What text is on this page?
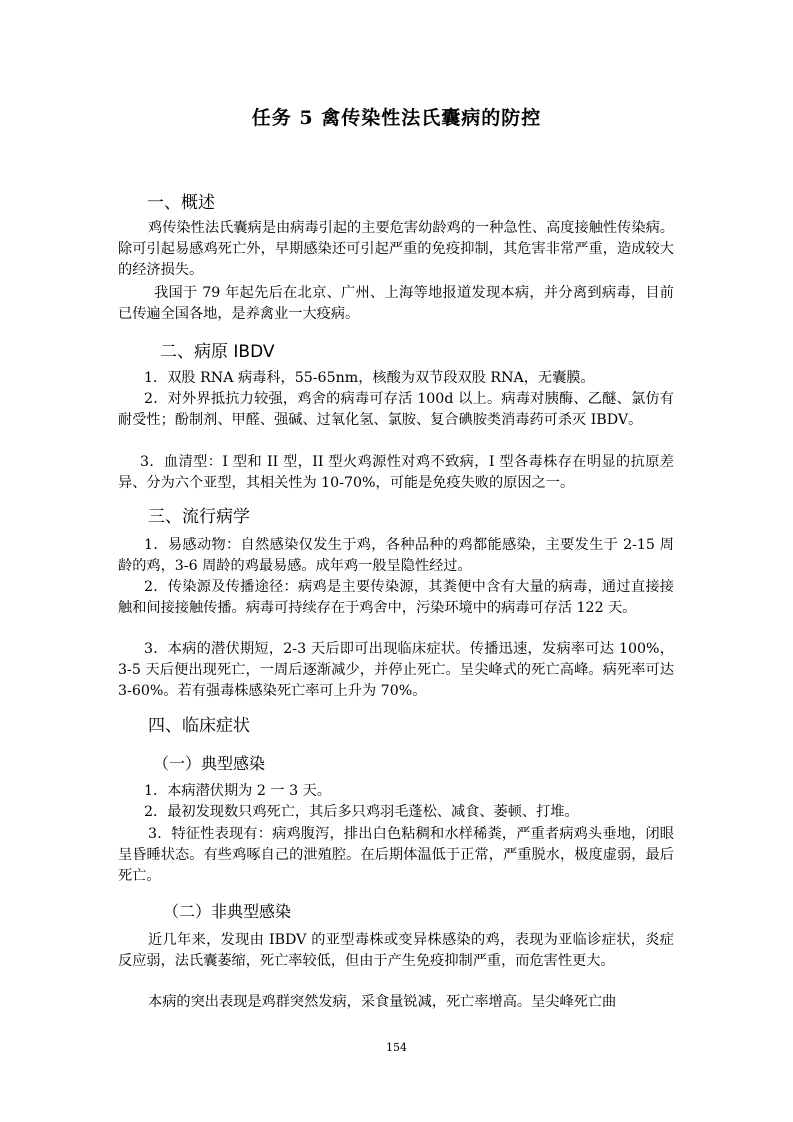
任务 5 禽传染性法氏囊病的防控
一、概述
鸡传染性法氏囊病是由病毒引起的主要危害幼龄鸡的一种急性、高度接触性传染病。除可引起易感鸡死亡外，早期感染还可引起严重的免疫抑制，其危害非常严重，造成较大的经济损失。
我国于 79 年起先后在北京、广州、上海等地报道发现本病，并分离到病毒，目前已传遍全国各地，是养禽业一大疫病。
二、病原 IBDV
1．双股 RNA 病毒科，55-65nm，核酸为双节段双股 RNA，无囊膜。
2．对外界抵抗力较强，鸡舍的病毒可存活 100d 以上。病毒对胰酶、乙醚、氯仿有耐受性；酚制剂、甲醛、强碱、过氧化氢、氯胺、复合碘胺类消毒药可杀灭 IBDV。
3．血清型：I 型和 II 型，II 型火鸡源性对鸡不致病，I 型各毒株存在明显的抗原差异、分为六个亚型，其相关性为 10-70%，可能是免疫失败的原因之一。
三、流行病学
1．易感动物：自然感染仅发生于鸡，各种品种的鸡都能感染，主要发生于 2-15 周龄的鸡，3-6 周龄的鸡最易感。成年鸡一般呈隐性经过。
2．传染源及传播途径：病鸡是主要传染源，其粪便中含有大量的病毒，通过直接接触和间接接触传播。病毒可持续存在于鸡舍中，污染环境中的病毒可存活 122 天。
3．本病的潜伏期短，2-3 天后即可出现临床症状。传播迅速，发病率可达 100%，3-5 天后便出现死亡，一周后逐渐减少，并停止死亡。呈尖峰式的死亡高峰。病死率可达 3-60%。若有强毒株感染死亡率可上升为 70%。
四、临床症状
（一）典型感染
1．本病潜伏期为 2 一 3 天。
2．最初发现数只鸡死亡，其后多只鸡羽毛蓬松、减食、萎顿、打堆。
3．特征性表现有：病鸡腹泻，排出白色粘稠和水样稀粪，严重者病鸡头垂地，闭眼呈昏睡状态。有些鸡啄自己的泄殖腔。在后期体温低于正常，严重脱水，极度虚弱，最后死亡。
（二）非典型感染
近几年来，发现由 IBDV 的亚型毒株或变异株感染的鸡，表现为亚临诊症状，炎症反应弱，法氏囊萎缩，死亡率较低，但由于产生免疫抑制严重，而危害性更大。
本病的突出表现是鸡群突然发病，采食量锐减，死亡率增高。呈尖峰死亡曲
154
